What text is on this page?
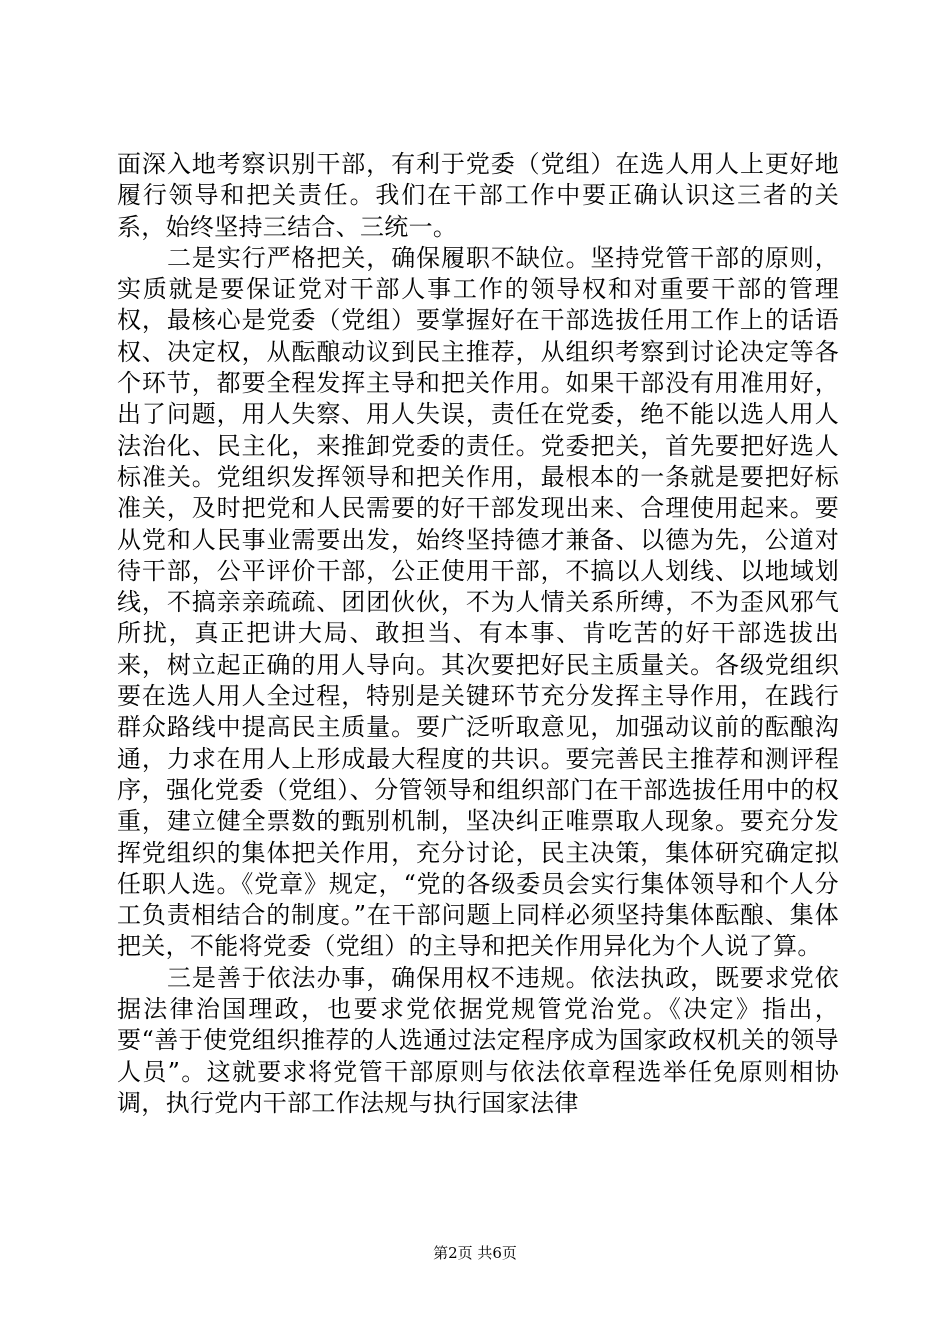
面深入地考察识别干部，有利于党委（党组）在选人用人上更好地履行领导和把关责任。我们在干部工作中要正确认识这三者的关系，始终坚持三结合、三统一。

二是实行严格把关，确保履职不缺位。坚持党管干部的原则，实质就是要保证党对干部人事工作的领导权和对重要干部的管理权，最核心是党委（党组）要掌握好在干部选拔任用工作上的话语权、决定权，从酝酿动议到民主推荐，从组织考察到讨论决定等各个环节，都要全程发挥主导和把关作用。如果干部没有用准用好，出了问题，用人失察、用人失误，责任在党委，绝不能以选人用人法治化、民主化，来推卸党委的责任。党委把关，首先要把好选人标准关。党组织发挥领导和把关作用，最根本的一条就是要把好标准关，及时把党和人民需要的好干部发现出来、合理使用起来。要从党和人民事业需要出发，始终坚持德才兼备、以德为先，公道对待干部，公平评价干部，公正使用干部，不搞以人划线、以地域划线，不搞亲亲疏疏、团团伙伙，不为人情关系所缚，不为歪风邪气所扰，真正把讲大局、敢担当、有本事、肯吃苦的好干部选拔出来，树立起正确的用人导向。其次要把好民主质量关。各级党组织要在选人用人全过程，特别是关键环节充分发挥主导作用，在践行群众路线中提高民主质量。要广泛听取意见，加强动议前的酝酿沟通，力求在用人上形成最大程度的共识。要完善民主推荐和测评程序，强化党委（党组）、分管领导和组织部门在干部选拔任用中的权重，建立健全票数的甄别机制，坚决纠正唯票取人现象。要充分发挥党组织的集体把关作用，充分讨论，民主决策，集体研究确定拟任职人选。《党章》规定，“党的各级委员会实行集体领导和个人分工负责相结合的制度。”在干部问题上同样必须坚持集体酝酿、集体把关，不能将党委（党组）的主导和把关作用异化为个人说了算。

三是善于依法办事，确保用权不违规。依法执政，既要求党依据法律治国理政，也要求党依据党规管党治党。《决定》指出，要“善于使党组织推荐的人选通过法定程序成为国家政权机关的领导人员”。这就要求将党管干部原则与依法依章程选举任免原则相协调，执行党内干部工作法规与执行国家法律

第2页 共6页
